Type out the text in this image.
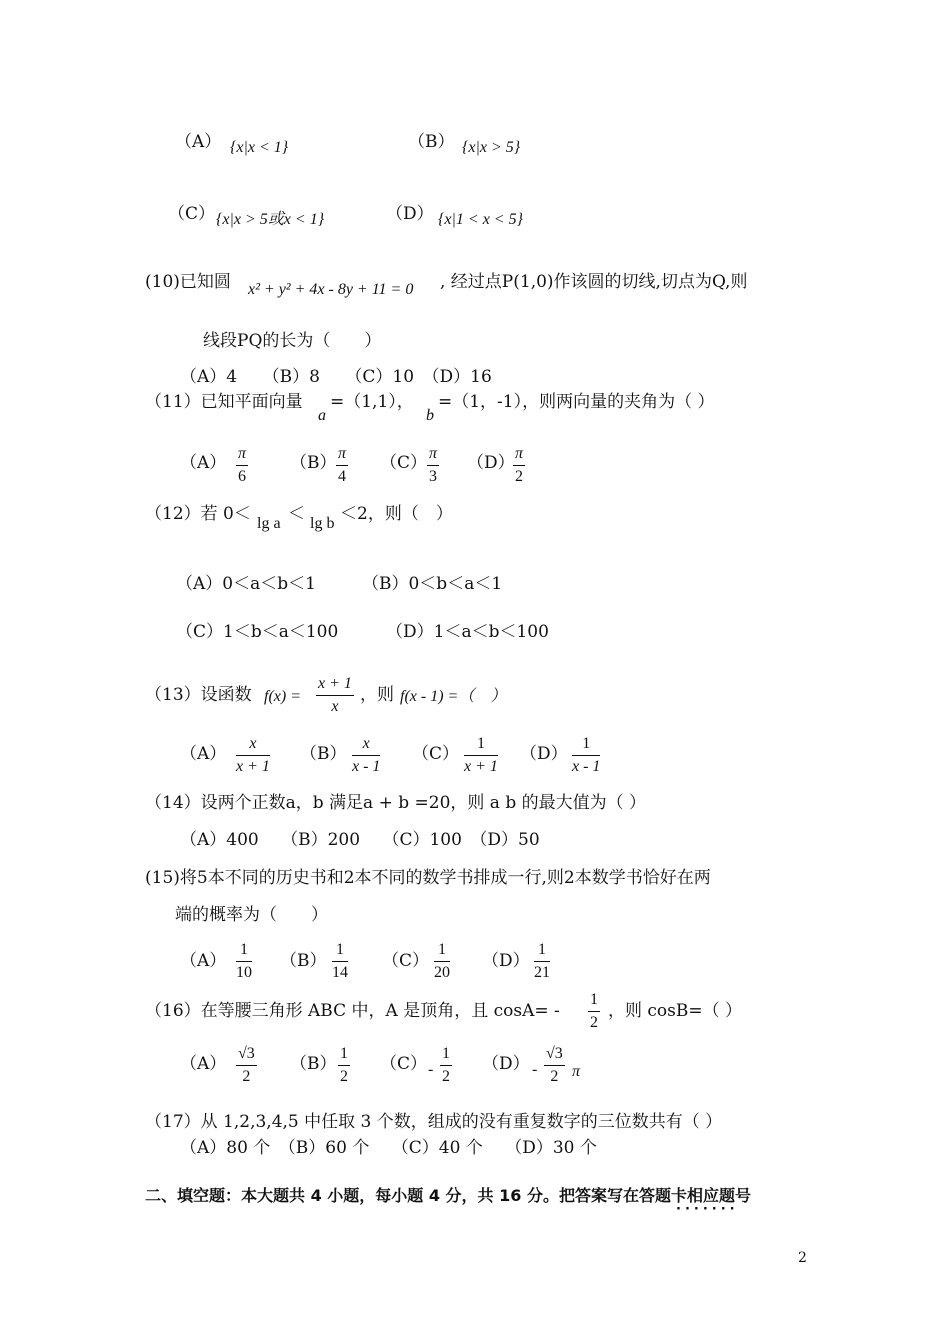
（A） {x|x < 1}	（B） {x|x > 5}
（C） {x|x > 5或x < 1}	（D） {x|1 < x < 5}
(10)已知圆 x² + y² + 4x - 8y + 11 = 0 , 经过点P(1,0)作该圆的切线,切点为Q,则
线段PQ的长为（　　）
（A）4　　（B）8　　（C）10　（D）16
（11）已知平面向量
a
=（1,1），
b
=（1，-1），则两向量的夹角为（ ）
（A） π
6
（B） π
4
（C） π
3
（D） π
2
（12）若 0＜ lg a ＜ lg b ＜2，则（　）
（A）0＜a＜b＜1	（B）0＜b＜a＜1
（C）1＜b＜a＜100	（D）1＜a＜b＜100
（13）设函数 f(x) =
x + 1
x
，则 f(x - 1) =（　）
（A）
x
x + 1
（B）
x
x - 1
（C）
1
x + 1
（D）
1
x - 1
（14）设两个正数a，b 满足a + b =20，则 a b 的最大值为（ ）
（A）400　 （B）200　 （C）100　（D）50
(15)将5本不同的历史书和2本不同的数学书排成一行,则2本数学书恰好在两
端的概率为（　　）
（A）
1
10
（B）
1
14
（C）
1
20
（D）
1
21
（16）在等腰三角形 ABC 中，A 是顶角，且 cosA= -
1
2
，则 cosB=（ ）
（A）
√3
2
（B）
1
2
（C） -
1
2
（D） -
√3
2 π
（17）从 1,2,3,4,5 中任取 3 个数，组成的没有重复数字的三位数共有（ ）
（A）80 个　（B）60 个　 （C）40 个　 （D）30 个
二、填空题：本大题共 4 小题，每小题 4 分，共 16 分。把答案写在答题卡相应题号
·······
2
